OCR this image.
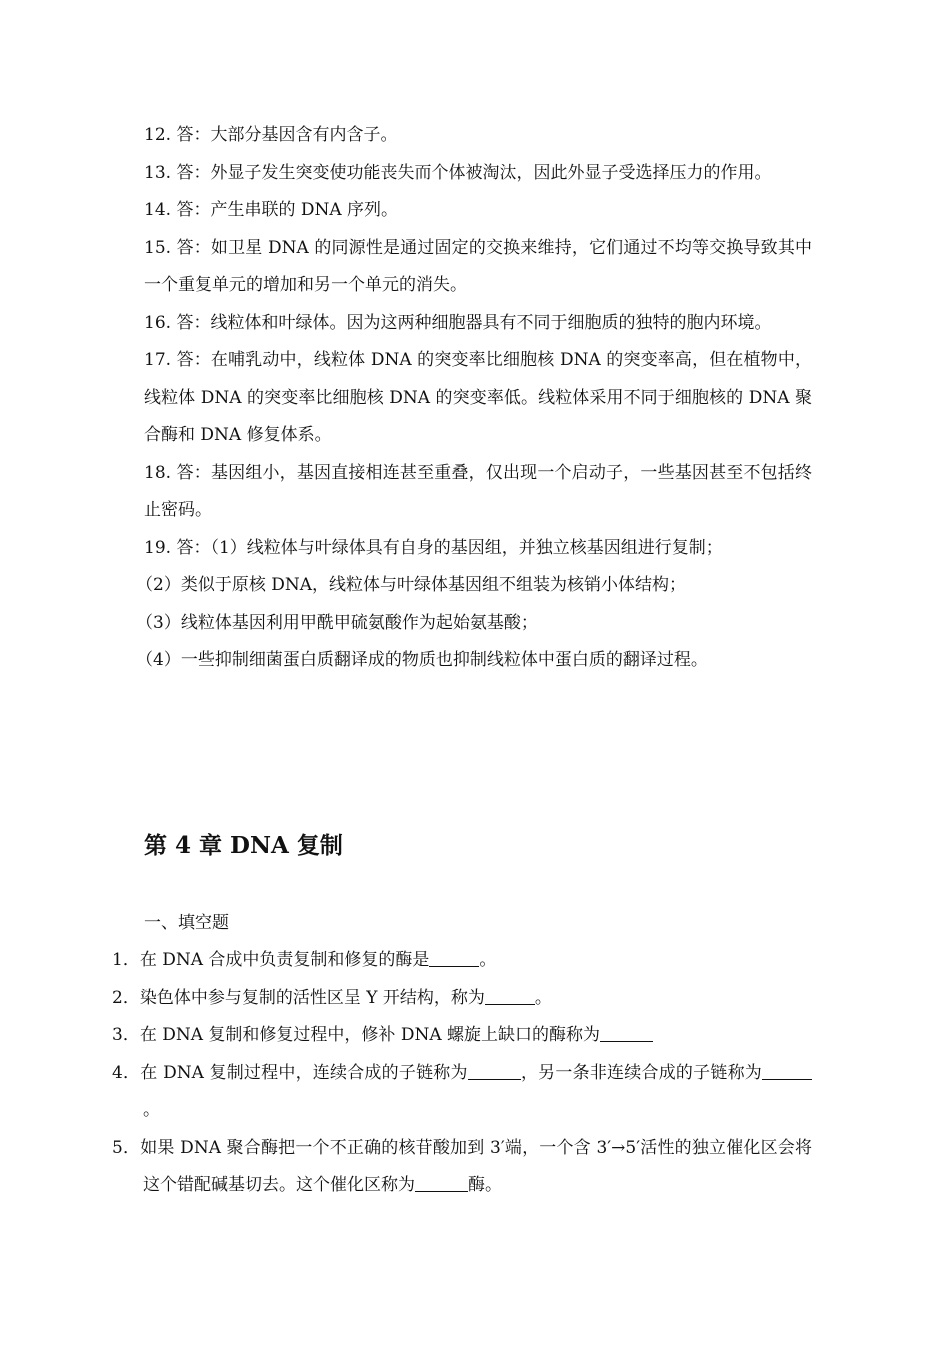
12. 答：大部分基因含有内含子。

13. 答：外显子发生突变使功能丧失而个体被淘汰，因此外显子受选择压力的作用。

14. 答：产生串联的 DNA 序列。

15. 答：如卫星 DNA 的同源性是通过固定的交换来维持，它们通过不均等交换导致其中一个重复单元的增加和另一个单元的消失。

16. 答：线粒体和叶绿体。因为这两种细胞器具有不同于细胞质的独特的胞内环境。

17. 答：在哺乳动中，线粒体 DNA 的突变率比细胞核 DNA 的突变率高，但在植物中，线粒体 DNA 的突变率比细胞核 DNA 的突变率低。线粒体采用不同于细胞核的 DNA 聚合酶和 DNA 修复体系。

18. 答：基因组小，基因直接相连甚至重叠，仅出现一个启动子，一些基因甚至不包括终止密码。

19. 答：（1）线粒体与叶绿体具有自身的基因组，并独立核基因组进行复制；

（2）类似于原核 DNA，线粒体与叶绿体基因组不组装为核销小体结构；

（3）线粒体基因利用甲酰甲硫氨酸作为起始氨基酸；

（4）一些抑制细菌蛋白质翻译成的物质也抑制线粒体中蛋白质的翻译过程。

第 4 章 DNA 复制

一、填空题

1．在 DNA 合成中负责复制和修复的酶是	。

2．染色体中参与复制的活性区呈 Y 开结构，称为	。

3．在 DNA 复制和修复过程中，修补 DNA 螺旋上缺口的酶称为

4．在 DNA 复制过程中，连续合成的子链称为	，另一条非连续合成的子链称为。

5．如果 DNA 聚合酶把一个不正确的核苷酸加到 3′端，一个含 3′→5′活性的独立催化区会将这个错配碱基切去。这个催化区称为	酶。
